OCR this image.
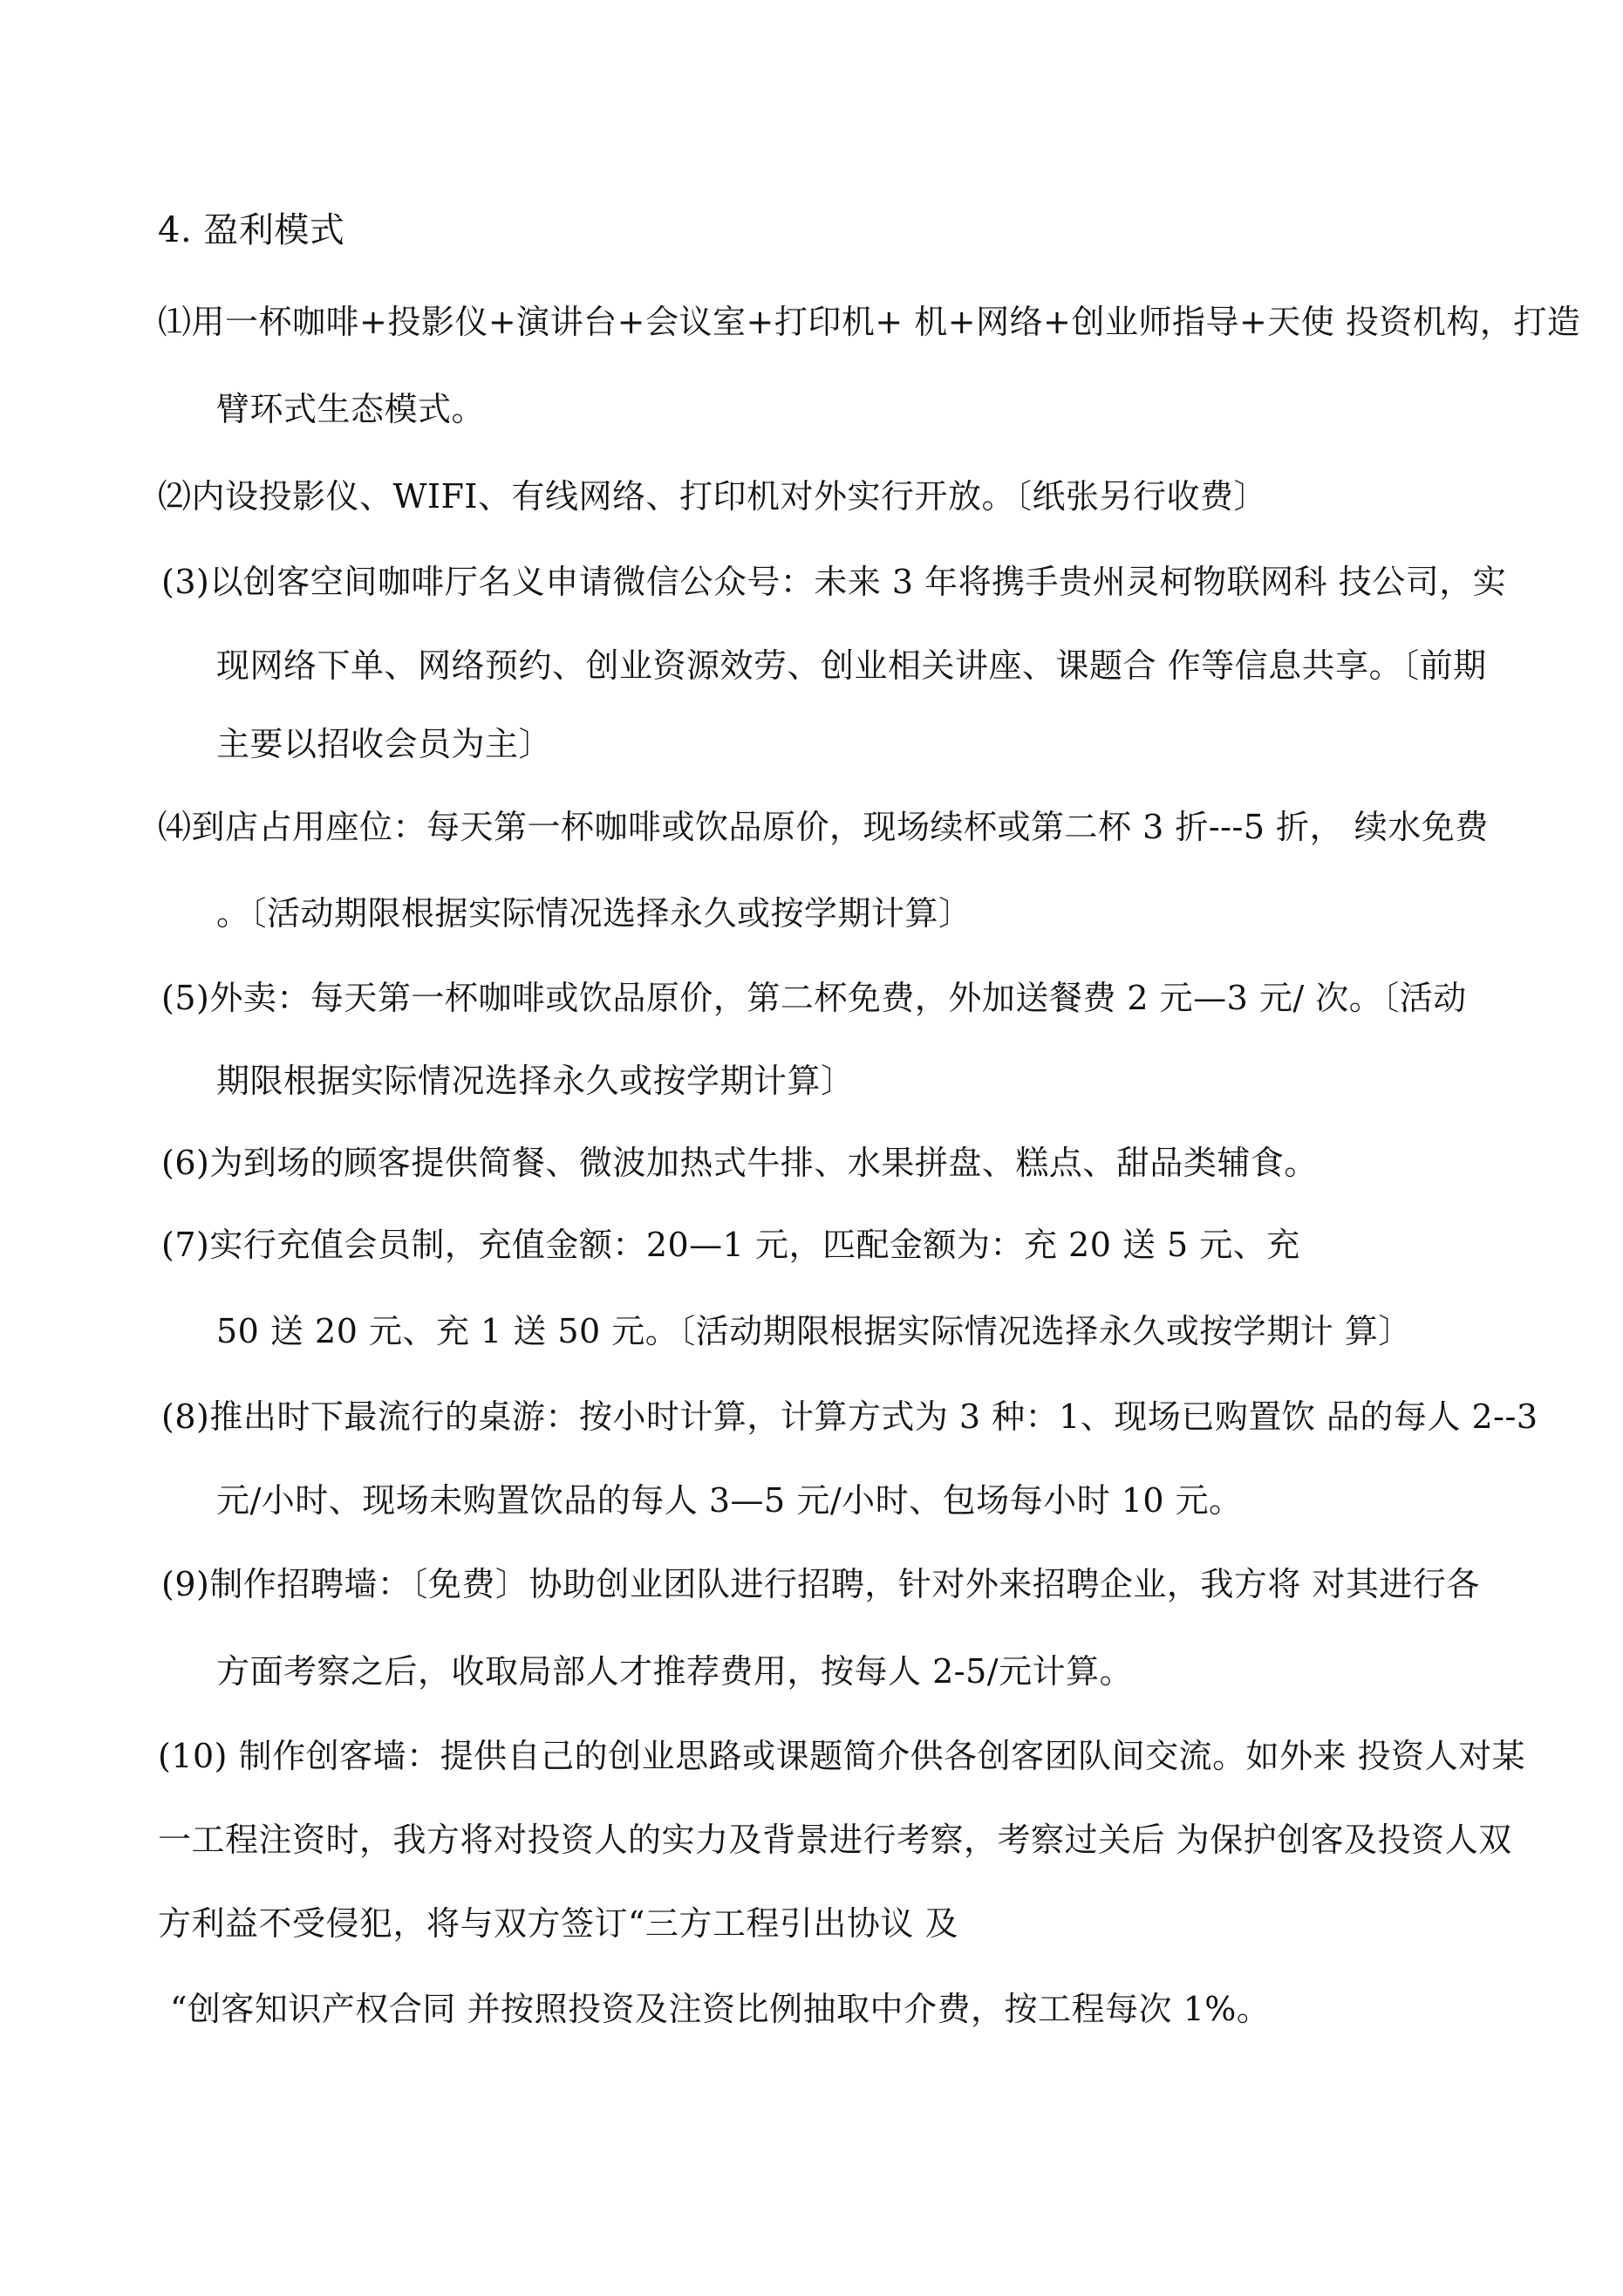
4. 盈利模式
⑴用一杯咖啡+投影仪+演讲台+会议室+打印机+ 机+网络+创业师指导+天使 投资机构，打造
臂环式生态模式。
⑵内设投影仪、WIFI、有线网络、打印机对外实行开放。〔纸张另行收费〕
(3)以创客空间咖啡厅名义申请微信公众号：未来 3 年将携手贵州灵柯物联网科 技公司，实
现网络下单、网络预约、创业资源效劳、创业相关讲座、课题合 作等信息共享。〔前期
主要以招收会员为主〕
⑷到店占用座位：每天第一杯咖啡或饮品原价，现场续杯或第二杯 3 折---5 折， 续水免费
。〔活动期限根据实际情况选择永久或按学期计算〕
(5)外卖：每天第一杯咖啡或饮品原价，第二杯免费，外加送餐费 2 元—3 元/ 次。〔活动
期限根据实际情况选择永久或按学期计算〕
(6)为到场的顾客提供简餐、微波加热式牛排、水果拼盘、糕点、甜品类辅食。
(7)实行充值会员制，充值金额：20—1 元，匹配金额为：充 20 送 5 元、充
50 送 20 元、充 1 送 50 元。〔活动期限根据实际情况选择永久或按学期计 算〕
(8)推出时下最流行的桌游：按小时计算，计算方式为 3 种：1、现场已购置饮 品的每人 2--3
元/小时、现场未购置饮品的每人 3—5 元/小时、包场每小时 10 元。
(9)制作招聘墙：〔免费〕协助创业团队进行招聘，针对外来招聘企业，我方将 对其进行各
方面考察之后，收取局部人才推荐费用，按每人 2-5/元计算。
(10) 制作创客墙：提供自己的创业思路或课题简介供各创客团队间交流。如外来 投资人对某
一工程注资时，我方将对投资人的实力及背景进行考察，考察过关后 为保护创客及投资人双
方利益不受侵犯，将与双方签订“三方工程引出协议 及
“创客知识产权合同 并按照投资及注资比例抽取中介费，按工程每次 1%。
